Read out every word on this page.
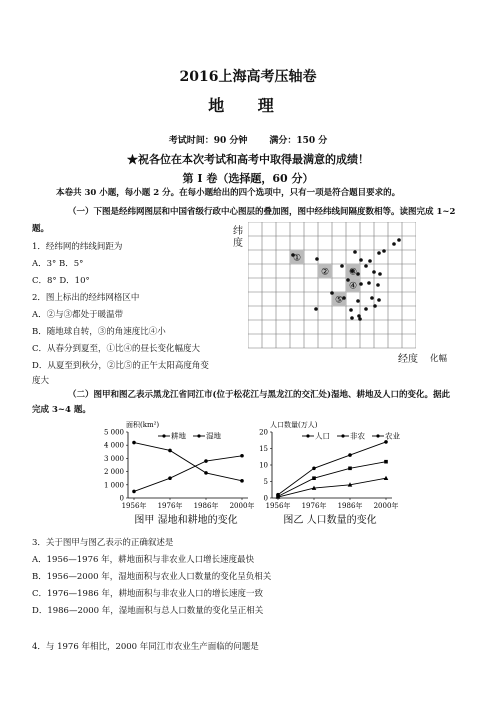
2016上海高考压轴卷
地 理
考试时间：90 分钟 满分：150 分
★祝各位在本次考试和高考中取得最满意的成绩！
第 I 卷（选择题，60 分）
本卷共 30 小题，每小题 2 分。在每小题给出的四个选项中，只有一项是符合题目要求的。
（一）下图是经纬网图层和中国省级行政中心图层的叠加图，图中经纬线间隔度数相等。读图完成 1~2
题。
1．经纬网的纬线间距为
A．3° B．5°
C．8° D．10°
2．图上标出的经纬网格区中
A．②与③都处于暖温带
B．随地球自转，③的角速度比④小
C．从春分到夏至，①比④的昼长变化幅度大
D．从夏至到秋分，②比⑤的正午太阳高度角变
度大
纬
度
①
② ③
④
⑤
经度 化幅
（二）图甲和图乙表示黑龙江省同江市(位于松花江与黑龙江的交汇处)湿地、耕地及人口的变化。据此
完成 3~4 题。
面积(km²)
0
1 000
2 000
3 000
4 000
5 000
1956年 1976年 1986年 2000年
耕地	湿地
图甲 湿地和耕地的变化
人口数量(万人)
0
5
10
15
20
1956年 1976年 1986年 2000年
人口	非农	农业
图乙 人口数量的变化
3．关于图甲与图乙表示的正确叙述是
A．1956—1976 年，耕地面积与非农业人口增长速度最快
B．1956—2000 年，湿地面积与农业人口数量的变化呈负相关
C．1976—1986 年，耕地面积与非农业人口的增长速度一致
D．1986—2000 年，湿地面积与总人口数量的变化呈正相关
4．与 1976 年相比，2000 年同江市农业生产面临的问题是
